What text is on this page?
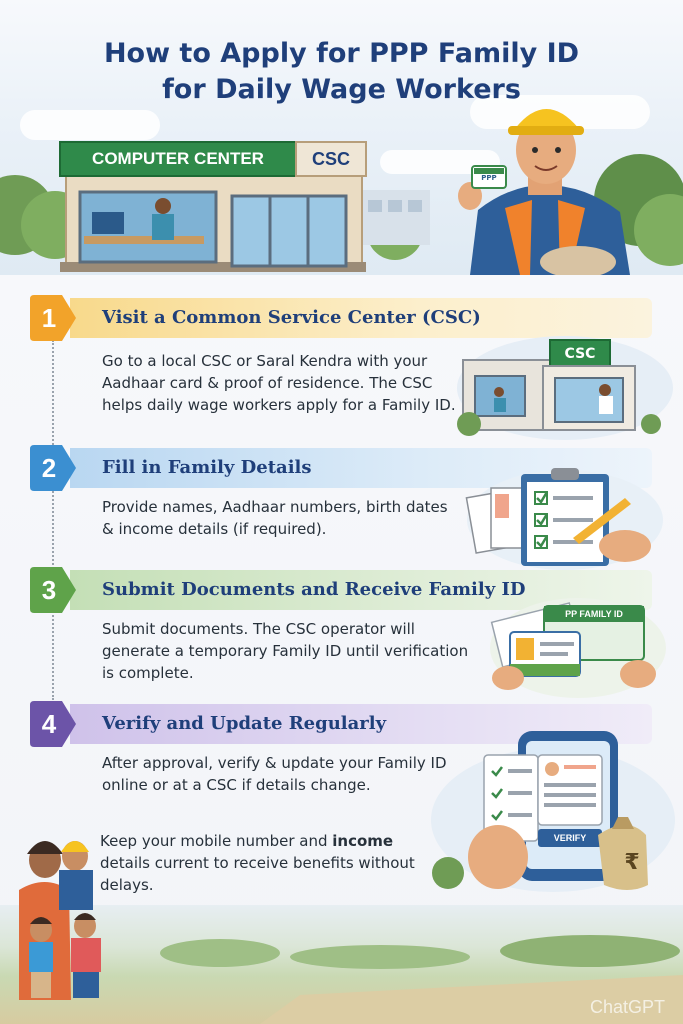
How to Apply for PPP Family ID
for Daily Wage Workers
COMPUTER CENTER	CSC
PPP
1	Visit a Common Service Center (CSC)
Go to a local CSC or Saral Kendra with your
Aadhaar card & proof of residence. The CSC
helps daily wage workers apply for a Family ID.
CSC
2	Fill in Family Details
Provide names, Aadhaar numbers, birth dates
& income details (if required).
3	Submit Documents and Receive Family ID
Submit documents. The CSC operator will
generate a temporary Family ID until verification
is complete.
PP FAMILY ID
4	Verify and Update Regularly
After approval, verify & update your Family ID
online or at a CSC if details change.
VERIFY
₹
Keep your mobile number and income details current to receive benefits without delays.
ChatGPT
